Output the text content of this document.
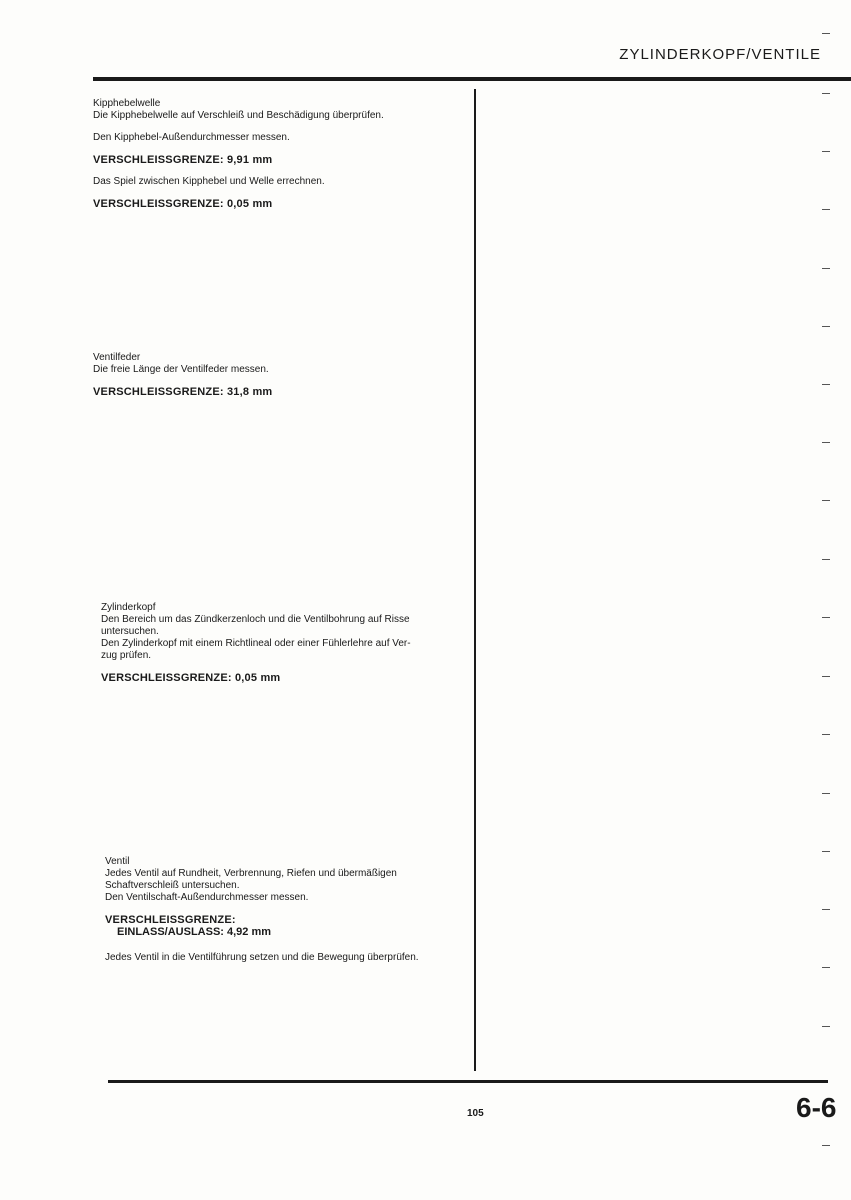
ZYLINDERKOPF/VENTILE
Kipphebelwelle
Die Kipphebelwelle auf Verschleiß und Beschädigung überprüfen.
Den Kipphebel-Außendurchmesser messen.
VERSCHLEISSGRENZE: 9,91 mm
Das Spiel zwischen Kipphebel und Welle errechnen.
VERSCHLEISSGRENZE: 0,05 mm
Ventilfeder
Die freie Länge der Ventilfeder messen.
VERSCHLEISSGRENZE: 31,8 mm
Zylinderkopf
Den Bereich um das Zündkerzenloch und die Ventilbohrung auf Risse
untersuchen.
Den Zylinderkopf mit einem Richtlineal oder einer Fühlerlehre auf Ver-
zug prüfen.
VERSCHLEISSGRENZE: 0,05 mm
Ventil
Jedes Ventil auf Rundheit, Verbrennung, Riefen und übermäßigen
Schaftverschleiß untersuchen.
Den Ventilschaft-Außendurchmesser messen.
VERSCHLEISSGRENZE:
EINLASS/AUSLASS: 4,92 mm
Jedes Ventil in die Ventilführung setzen und die Bewegung überprüfen.
105	6-6
